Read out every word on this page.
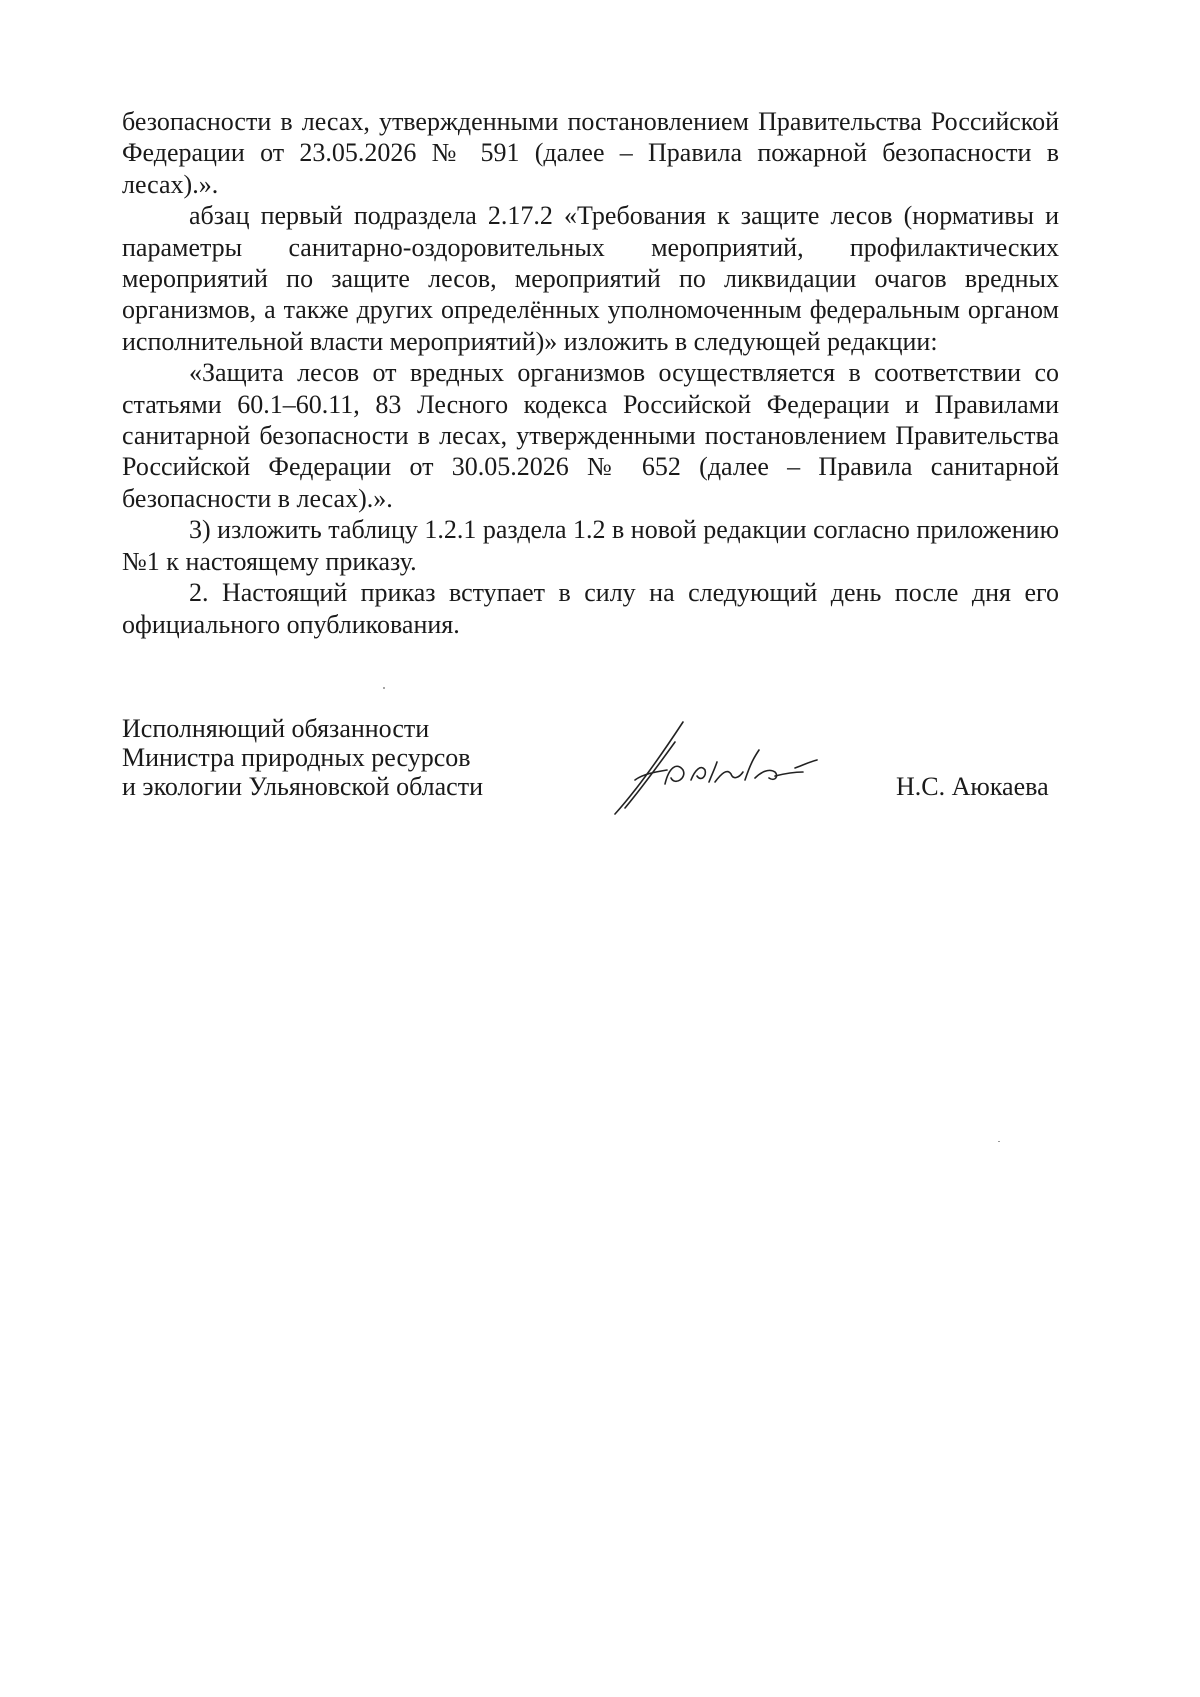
безопасности в лесах, утвержденными постановлением Правительства Российской Федерации от 23.05.2026 № 591 (далее – Правила пожарной безопасности в лесах).».

абзац первый подраздела 2.17.2 «Требования к защите лесов (нормативы и параметры санитарно-оздоровительных мероприятий, профилактических мероприятий по защите лесов, мероприятий по ликвидации очагов вредных организмов, а также других определённых уполномоченным федеральным органом исполнительной власти мероприятий)» изложить в следующей редакции:

«Защита лесов от вредных организмов осуществляется в соответствии со статьями 60.1–60.11, 83 Лесного кодекса Российской Федерации и Правилами санитарной безопасности в лесах, утвержденными постановлением Правительства Российской Федерации от 30.05.2026 № 652 (далее – Правила санитарной безопасности в лесах).».

3) изложить таблицу 1.2.1 раздела 1.2 в новой редакции согласно приложению №1 к настоящему приказу.

2. Настоящий приказ вступает в силу на следующий день после дня его официального опубликования.

Исполняющий обязанности
Министра природных ресурсов
и экологии Ульяновской области	Н.С. Аюкаева
